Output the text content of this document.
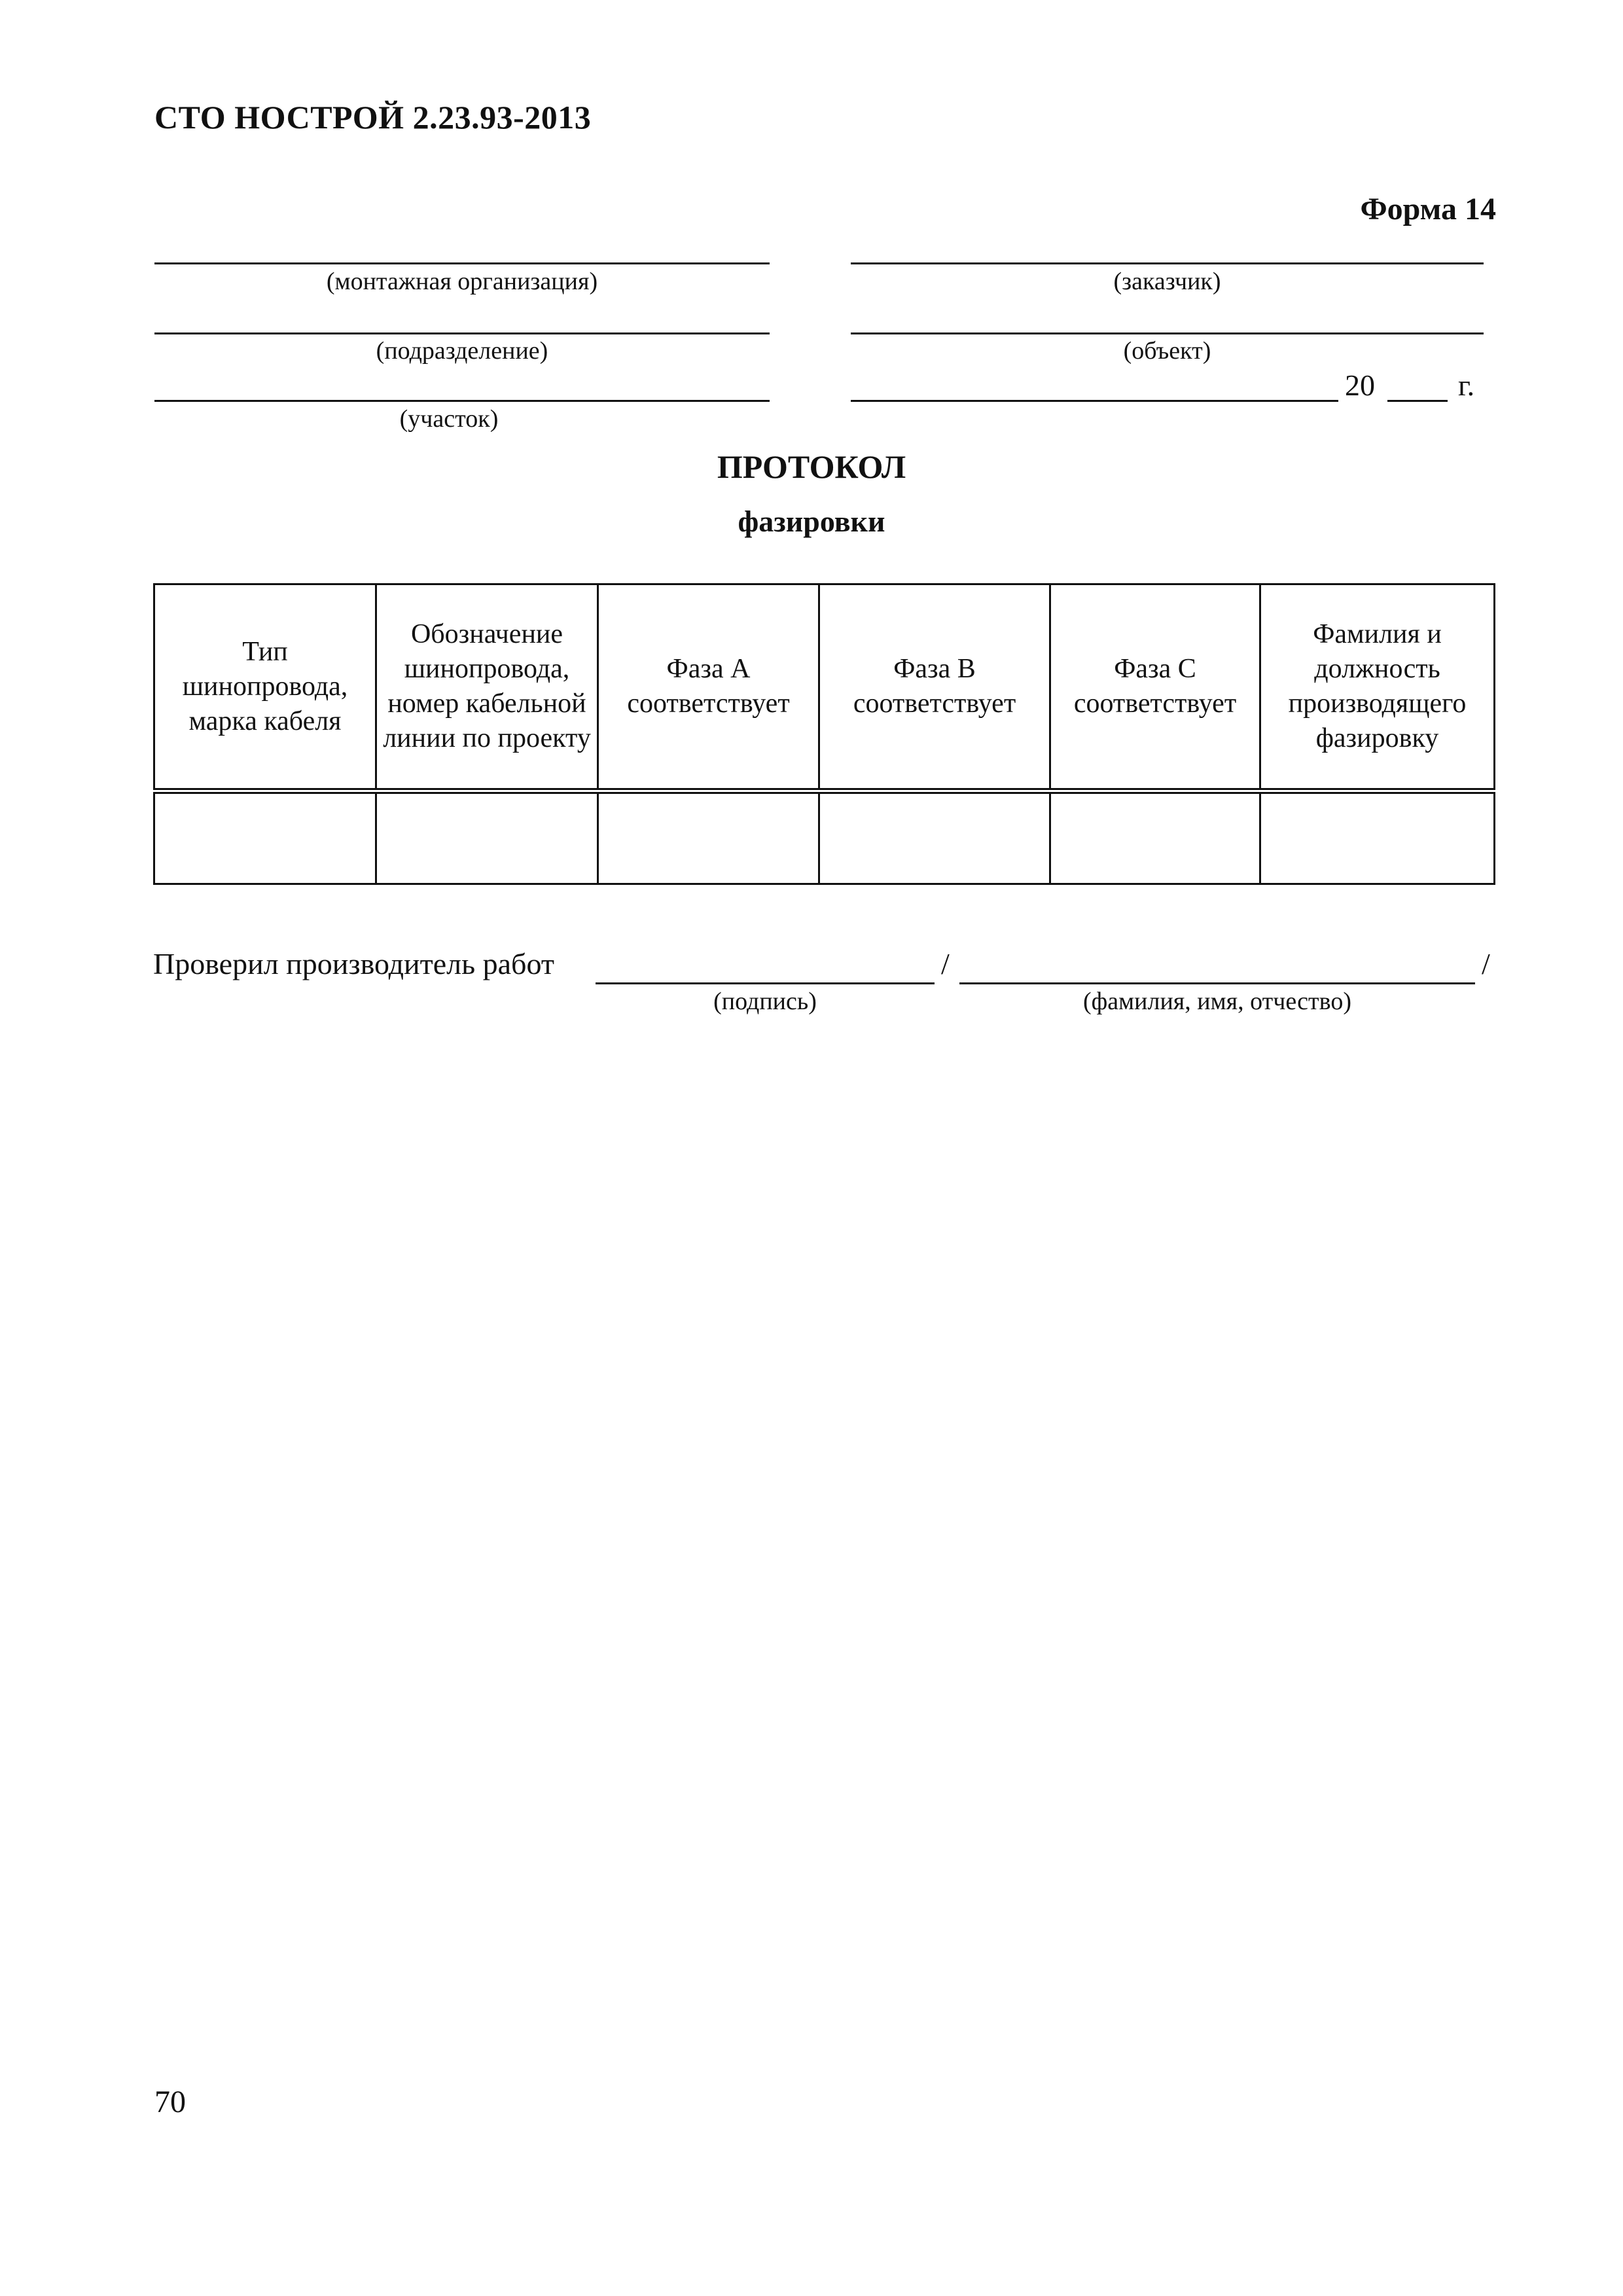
СТО НОСТРОЙ 2.23.93-2013
Форма 14
(монтажная организация)
(подразделение)
(участок)
(заказчик)
(объект)
20	г.
ПРОТОКОЛ
фазировки
Тип шинопровода, марка кабеля	Обозначение шинопровода, номер кабельной линии по проекту	Фаза А соответствует	Фаза В соответствует	Фаза С соответствует	Фамилия и должность производящего фазировку

Проверил производитель работ	/	/
(подпись)	(фамилия, имя, отчество)
70
